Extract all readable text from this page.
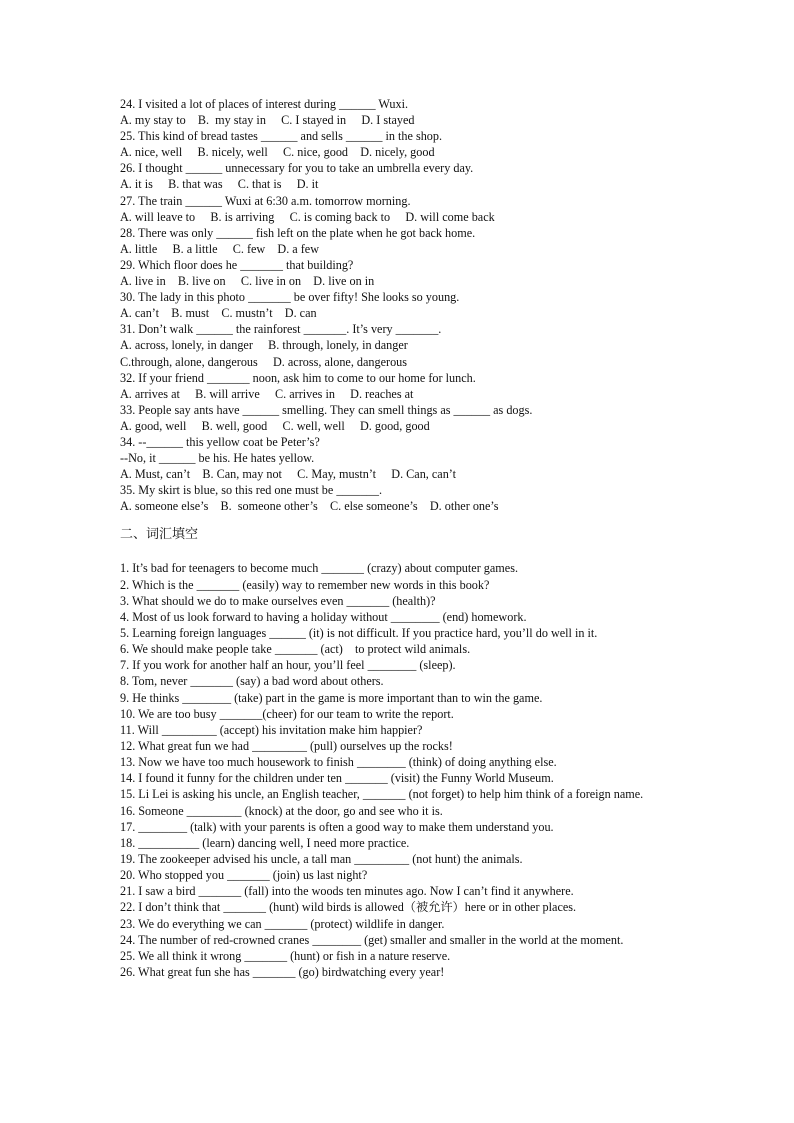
24. I visited a lot of places of interest during ______ Wuxi.
A. my stay to    B.  my stay in     C. I stayed in     D. I stayed
25. This kind of bread tastes ______ and sells ______ in the shop.
A. nice, well     B. nicely, well     C. nice, good    D. nicely, good
26. I thought ______ unnecessary for you to take an umbrella every day.
A. it is     B. that was     C. that is     D. it
27. The train ______ Wuxi at 6:30 a.m. tomorrow morning.
A. will leave to     B. is arriving     C. is coming back to     D. will come back
28. There was only ______ fish left on the plate when he got back home.
A. little     B. a little     C. few    D. a few
29. Which floor does he _______ that building?
A. live in    B. live on     C. live in on    D. live on in
30. The lady in this photo _______ be over fifty! She looks so young.
A. can’t    B. must    C. mustn’t    D. can
31. Don’t walk ______ the rainforest _______. It’s very _______.
A. across, lonely, in danger     B. through, lonely, in danger
C.through, alone, dangerous     D. across, alone, dangerous
32. If your friend _______ noon, ask him to come to our home for lunch.
A. arrives at     B. will arrive     C. arrives in     D. reaches at
33. People say ants have ______ smelling. They can smell things as ______ as dogs.
A. good, well     B. well, good     C. well, well     D. good, good
34. --______ this yellow coat be Peter’s?
--No, it ______ be his. He hates yellow.
A. Must, can’t    B. Can, may not     C. May, mustn’t     D. Can, can’t
35. My skirt is blue, so this red one must be _______.
A. someone else’s    B.  someone other’s    C. else someone’s    D. other one’s
二、词汇填空
1. It’s bad for teenagers to become much _______ (crazy) about computer games.
2. Which is the _______ (easily) way to remember new words in this book?
3. What should we do to make ourselves even _______ (health)?
4. Most of us look forward to having a holiday without ________ (end) homework.
5. Learning foreign languages ______ (it) is not difficult. If you practice hard, you’ll do well in it.
6. We should make people take _______ (act)    to protect wild animals.
7. If you work for another half an hour, you’ll feel ________ (sleep).
8. Tom, never _______ (say) a bad word about others.
9. He thinks ________ (take) part in the game is more important than to win the game.
10. We are too busy _______(cheer) for our team to write the report.
11. Will _________ (accept) his invitation make him happier?
12. What great fun we had _________ (pull) ourselves up the rocks!
13. Now we have too much housework to finish ________ (think) of doing anything else.
14. I found it funny for the children under ten _______ (visit) the Funny World Museum.
15. Li Lei is asking his uncle, an English teacher, _______ (not forget) to help him think of a foreign name.
16. Someone _________ (knock) at the door, go and see who it is.
17. ________ (talk) with your parents is often a good way to make them understand you.
18. __________ (learn) dancing well, I need more practice.
19. The zookeeper advised his uncle, a tall man _________ (not hunt) the animals.
20. Who stopped you _______ (join) us last night?
21. I saw a bird _______ (fall) into the woods ten minutes ago. Now I can’t find it anywhere.
22. I don’t think that _______ (hunt) wild birds is allowed（被允许）here or in other places.
23. We do everything we can _______ (protect) wildlife in danger.
24. The number of red-crowned cranes ________ (get) smaller and smaller in the world at the moment.
25. We all think it wrong _______ (hunt) or fish in a nature reserve.
26. What great fun she has _______ (go) birdwatching every year!
